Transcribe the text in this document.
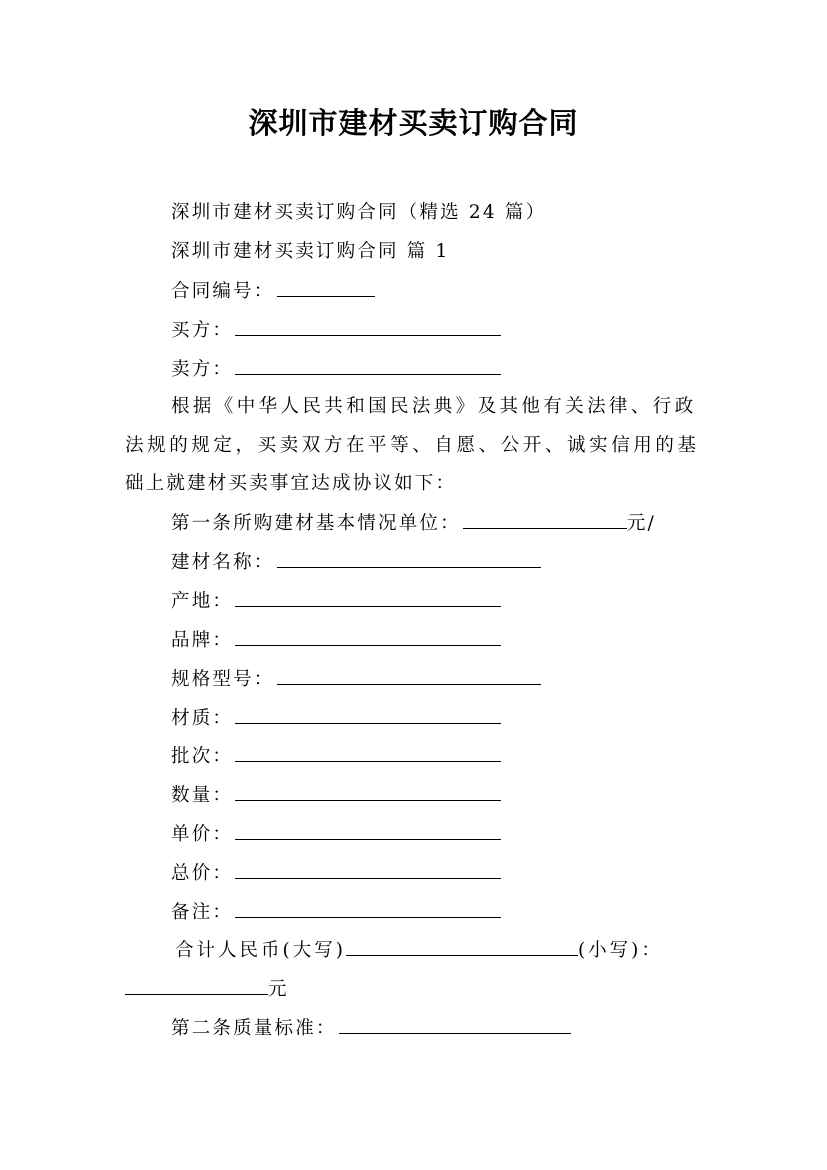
深圳市建材买卖订购合同
深圳市建材买卖订购合同（精选 24 篇）
深圳市建材买卖订购合同 篇 1
合同编号：
买方：
卖方：
根据《中华人民共和国民法典》及其他有关法律、行政
法规的规定，买卖双方在平等、自愿、公开、诚实信用的基
础上就建材买卖事宜达成协议如下：
第一条所购建材基本情况单位：	元/
建材名称：
产地：
品牌：
规格型号：
材质：
批次：
数量：
单价：
总价：
备注：
合计人民币(大写)	(小写)：
元
第二条质量标准：
